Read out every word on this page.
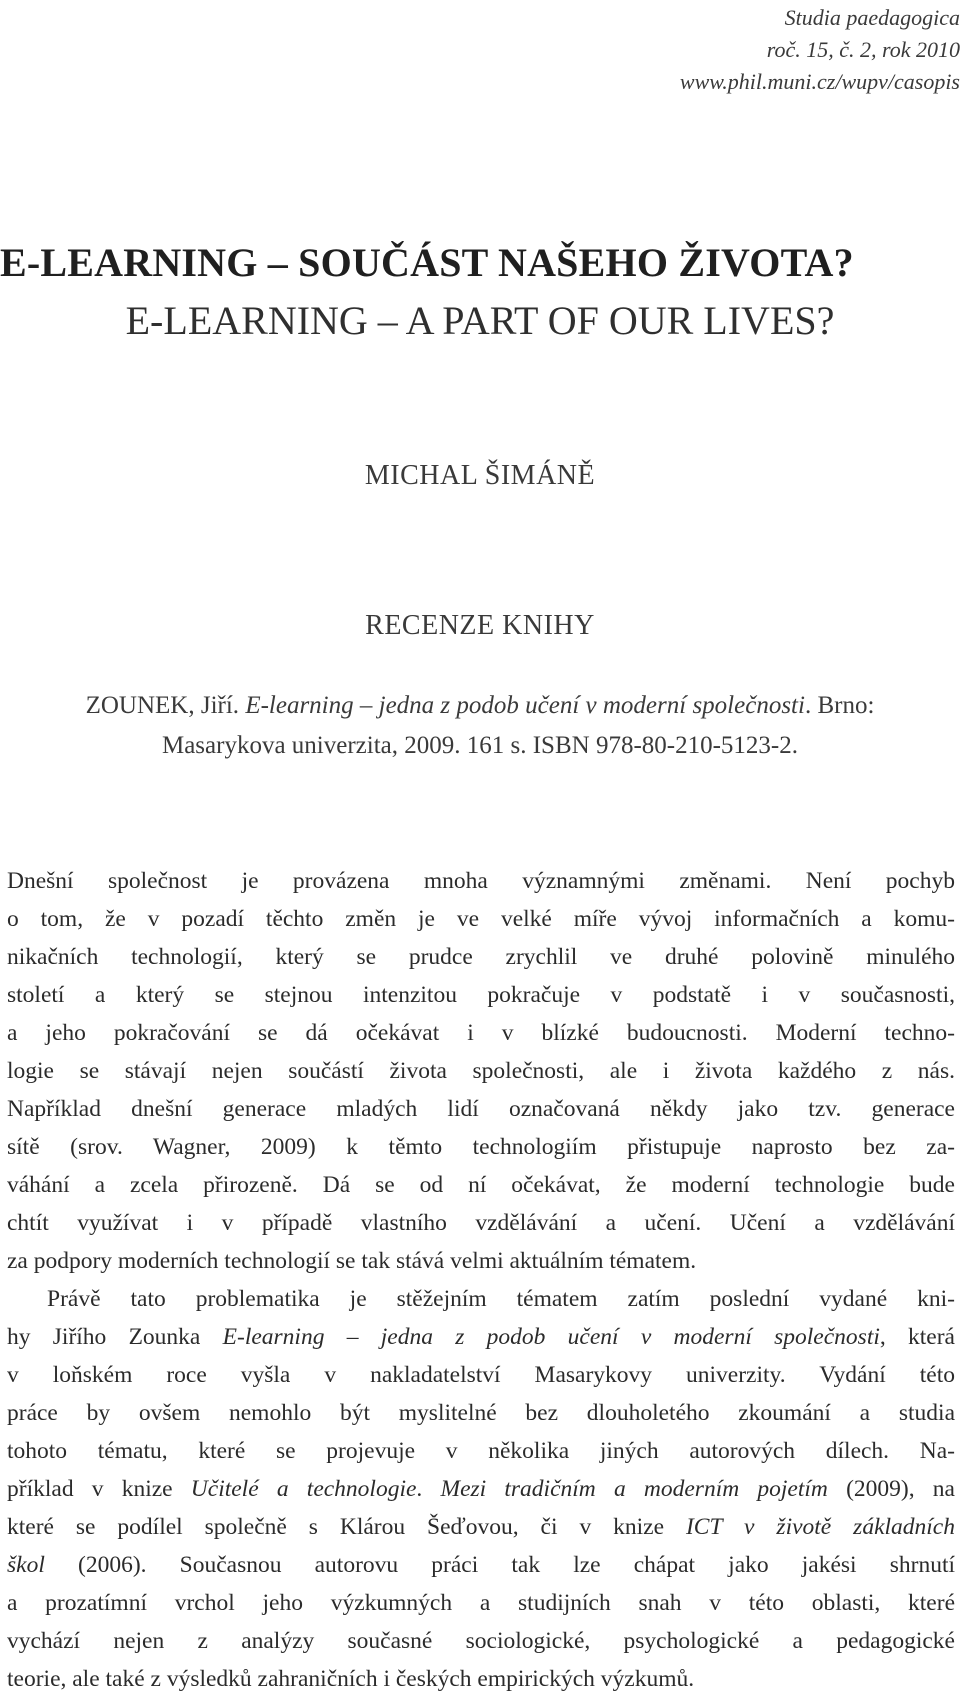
Studia paedagogica
roč. 15, č. 2, rok 2010
www.phil.muni.cz/wupv/casopis
E-LEARNING – SOUČÁST NAŠEHO ŽIVOTA?
E-LEARNING – A PART OF OUR LIVES?
MICHAL ŠIMÁNĚ
RECENZE KNIHY
ZOUNEK, Jiří. E-learning – jedna z podob učení v moderní společnosti. Brno:
Masarykova univerzita, 2009. 161 s. ISBN 978-80-210-5123-2.
Dnešní společnost je provázena mnoha významnými změnami. Není pochyb
o tom, že v pozadí těchto změn je ve velké míře vývoj informačních a komu-
nikačních technologií, který se prudce zrychlil ve druhé polovině minulého
století a který se stejnou intenzitou pokračuje v podstatě i v současnosti,
a jeho pokračování se dá očekávat i v blízké budoucnosti. Moderní techno-
logie se stávají nejen součástí života společnosti, ale i života každého z nás.
Například dnešní generace mladých lidí označovaná někdy jako tzv. generace
sítě (srov. Wagner, 2009) k těmto technologiím přistupuje naprosto bez za-
váhání a zcela přirozeně. Dá se od ní očekávat, že moderní technologie bude
chtít využívat i v případě vlastního vzdělávání a učení. Učení a vzdělávání
za podpory moderních technologií se tak stává velmi aktuálním tématem.
Právě tato problematika je stěžejním tématem zatím poslední vydané kni-
hy Jiřího Zounka E-learning – jedna z podob učení v moderní společnosti, která
v loňském roce vyšla v nakladatelství Masarykovy univerzity. Vydání této
práce by ovšem nemohlo být myslitelné bez dlouholetého zkoumání a studia
tohoto tématu, které se projevuje v několika jiných autorových dílech. Na-
příklad v knize Učitelé a technologie. Mezi tradičním a moderním pojetím (2009), na
které se podílel společně s Klárou Šeďovou, či v knize ICT v životě základních
škol (2006). Současnou autorovu práci tak lze chápat jako jakési shrnutí
a prozatímní vrchol jeho výzkumných a studijních snah v této oblasti, které
vychází nejen z analýzy současné sociologické, psychologické a pedagogické
teorie, ale také z výsledků zahraničních i českých empirických výzkumů.
